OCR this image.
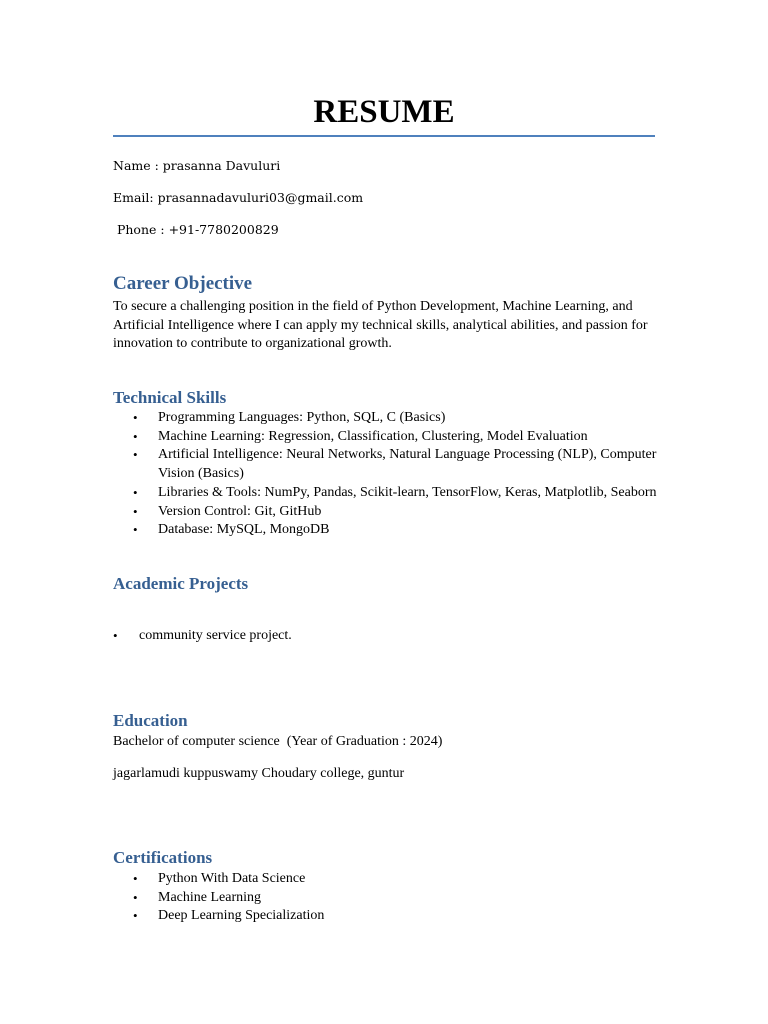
RESUME
Name : prasanna Davuluri
Email: prasannadavuluri03@gmail.com
Phone : +91-7780200829
Career Objective
To secure a challenging position in the field of Python Development, Machine Learning, and Artificial Intelligence where I can apply my technical skills, analytical abilities, and passion for innovation to contribute to organizational growth.
Technical Skills
• Programming Languages: Python, SQL, C (Basics)
• Machine Learning: Regression, Classification, Clustering, Model Evaluation
• Artificial Intelligence: Neural Networks, Natural Language Processing (NLP), Computer Vision (Basics)
• Libraries & Tools: NumPy, Pandas, Scikit-learn, TensorFlow, Keras, Matplotlib, Seaborn
• Version Control: Git, GitHub
• Database: MySQL, MongoDB
Academic Projects
• community service project.
Education
Bachelor of computer science  (Year of Graduation : 2024)
jagarlamudi kuppuswamy Choudary college, guntur
Certifications
• Python With Data Science
• Machine Learning
• Deep Learning Specialization
